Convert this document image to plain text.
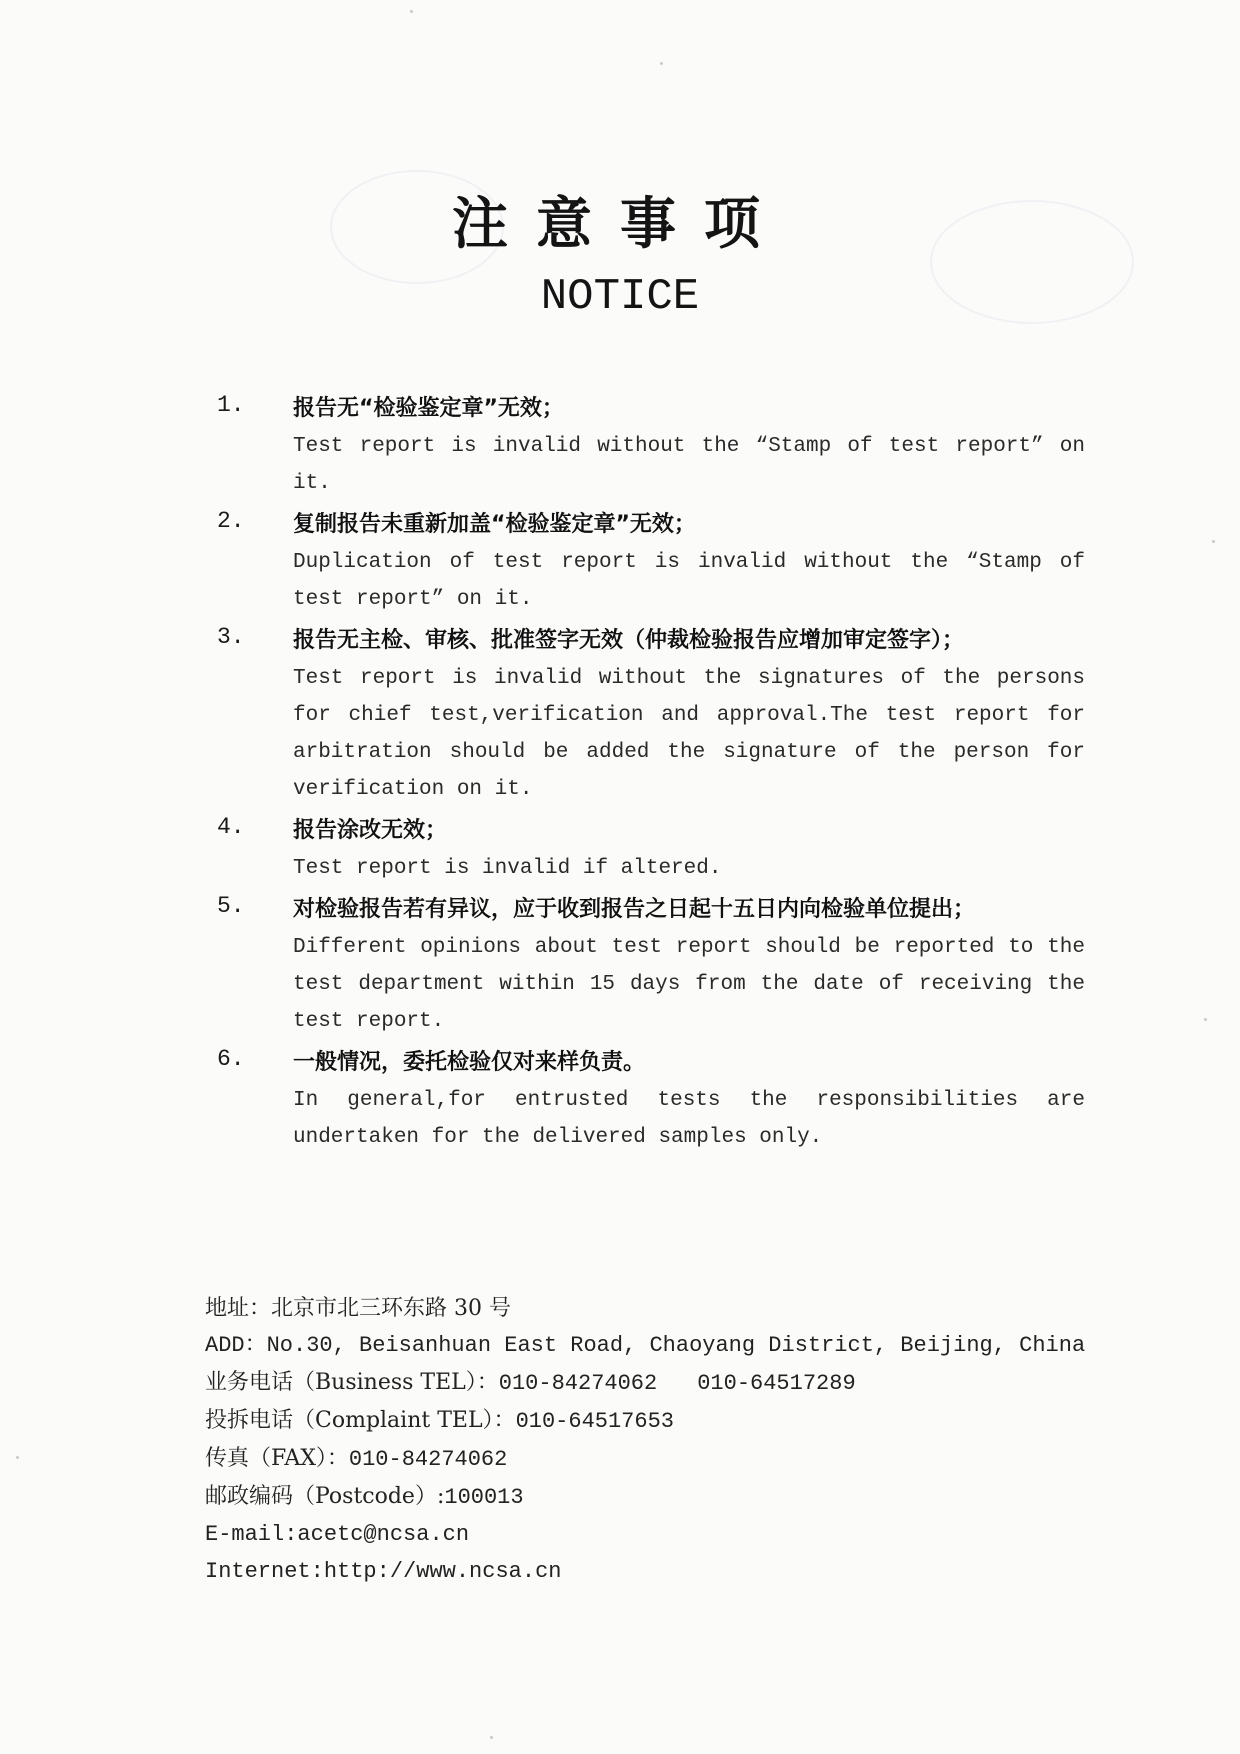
注意事项
NOTICE
1. 报告无“检验鉴定章”无效；
Test report is invalid without the “Stamp of test report” on it.
2. 复制报告未重新加盖“检验鉴定章”无效；
Duplication of test report is invalid without the “Stamp of test report” on it.
3. 报告无主检、审核、批准签字无效（仲裁检验报告应增加审定签字）；
Test report is invalid without the signatures of the persons for chief test,verification and approval.The test report for arbitration should be added the signature of the person for verification on it.
4. 报告涂改无效；
Test report is invalid if altered.
5. 对检验报告若有异议，应于收到报告之日起十五日内向检验单位提出；
Different opinions about test report should be reported to the test department within 15 days from the date of receiving the test report.
6. 一般情况，委托检验仅对来样负责。
In general,for entrusted tests the responsibilities are undertaken for the delivered samples only.
地址：北京市北三环东路 30 号
ADD：No.30, Beisanhuan East Road, Chaoyang District, Beijing, China
业务电话（Business TEL）：010-84274062 010-64517289
投拆电话（Complaint TEL）：010-64517653
传真（FAX）：010-84274062
邮政编码（Postcode）:100013
E-mail:acetc@ncsa.cn
Internet:http://www.ncsa.cn
